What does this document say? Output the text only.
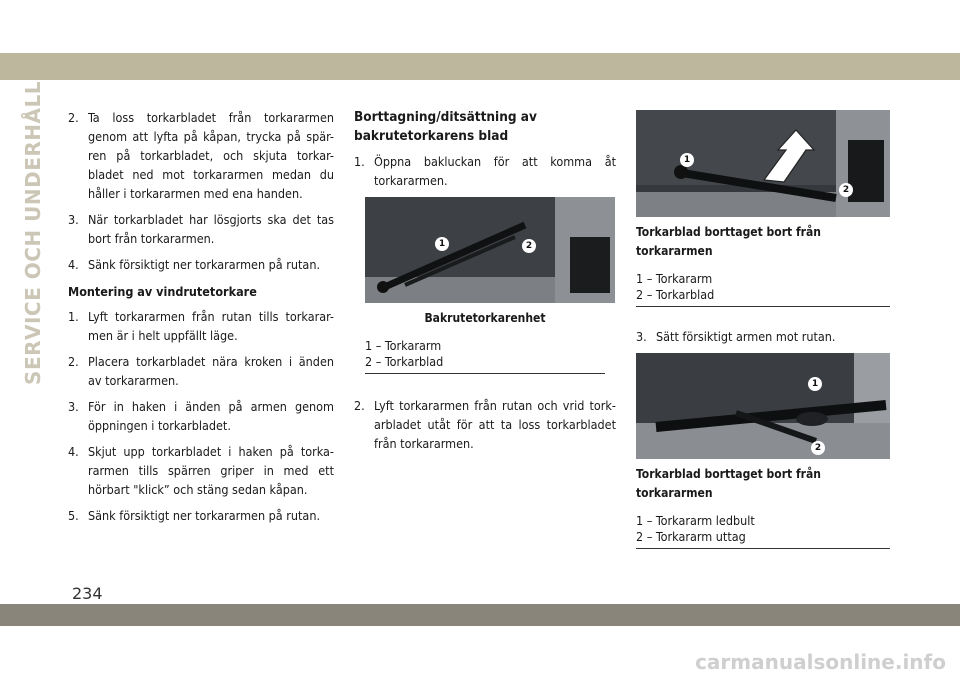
SERVICE OCH UNDERHÅLL 2. Ta loss torkarbladet från torkararmen genom att lyfta på kåpan, trycka på spär-ren på torkarbladet, och skjuta torkar-bladet ned mot torkararmen medan du håller i torkararmen med ena handen.
3. När torkarbladet har lösgjorts ska det tas bort från torkararmen.
4. Sänk försiktigt ner torkararmen på rutan.
Montering av vindrutetorkare
1. Lyft torkararmen från rutan tills torkarar-men är i helt uppfällt läge.
2. Placera torkarbladet nära kroken i änden av torkararmen.
3. För in haken i änden på armen genom öppningen i torkarbladet.
4. Skjut upp torkarbladet i haken på torka-rarmen tills spärren griper in med ett hörbart "klick” och stäng sedan kåpan.
5. Sänk försiktigt ner torkararmen på rutan.
Borttagning/ditsättning av bakrutetorkarens blad
1. Öppna bakluckan för att komma åt torkararmen.
1	2
Bakrutetorkarenhet
1 – Torkararm
2 – Torkarblad
2. Lyft torkararmen från rutan och vrid tork-arbladet utåt för att ta loss torkarbladet från torkararmen.
1
2
Torkarblad borttaget bort från torkararmen
1 – Torkararm
2 – Torkarblad
3. Sätt försiktigt armen mot rutan.
1
2
Torkarblad borttaget bort från torkararmen
1 – Torkararm ledbult
2 – Torkararm uttag
234
carmanualsonline.info
